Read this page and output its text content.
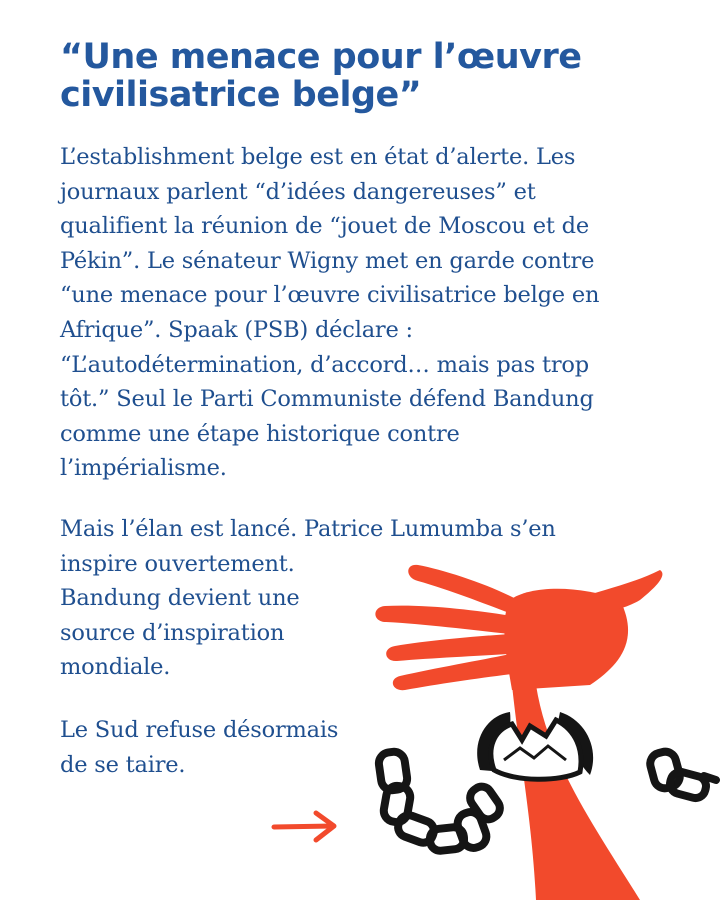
“Une menace pour l’œuvre
civilisatrice belge”

L’establishment belge est en état d’alerte. Les
journaux parlent “d’idées dangereuses” et
qualifient la réunion de “jouet de Moscou et de
Pékin”. Le sénateur Wigny met en garde contre
“une menace pour l’œuvre civilisatrice belge en
Afrique”. Spaak (PSB) déclare :
“L’autodétermination, d’accord… mais pas trop
tôt.” Seul le Parti Communiste défend Bandung
comme une étape historique contre
l’impérialisme.

Mais l’élan est lancé. Patrice Lumumba s’en
inspire ouvertement.
Bandung devient une
source d’inspiration
mondiale.

Le Sud refuse désormais
de se taire.
